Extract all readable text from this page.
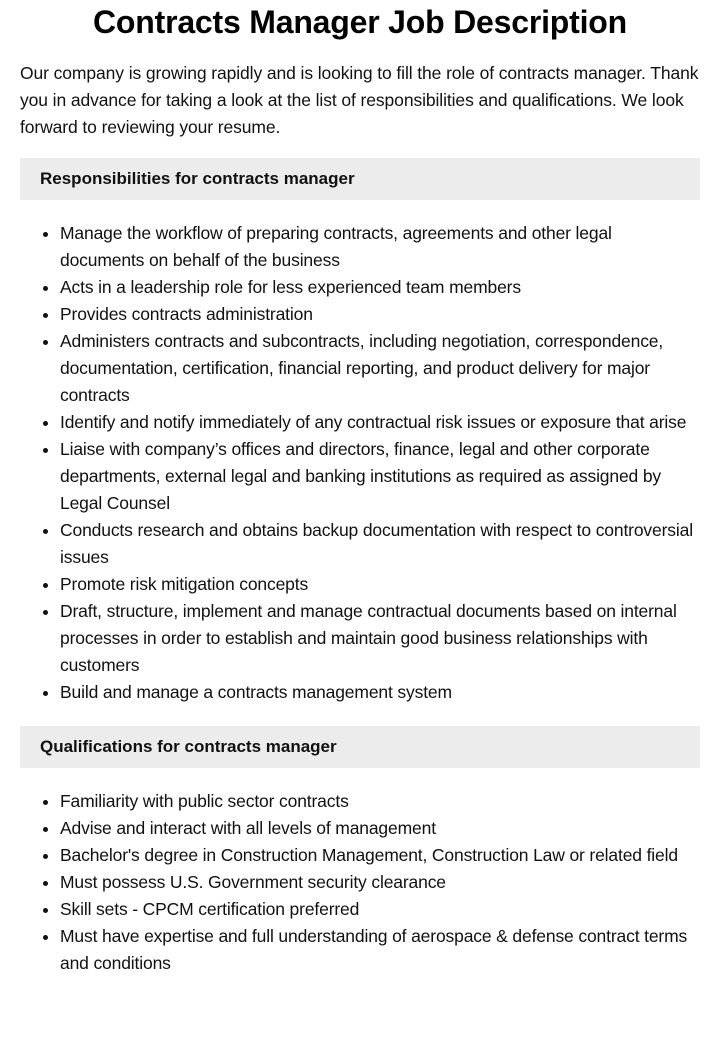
Contracts Manager Job Description

Our company is growing rapidly and is looking to fill the role of contracts manager. Thank you in advance for taking a look at the list of responsibilities and qualifications. We look forward to reviewing your resume.

Responsibilities for contracts manager
Manage the workflow of preparing contracts, agreements and other legal documents on behalf of the business
Acts in a leadership role for less experienced team members
Provides contracts administration
Administers contracts and subcontracts, including negotiation, correspondence, documentation, certification, financial reporting, and product delivery for major contracts
Identify and notify immediately of any contractual risk issues or exposure that arise
Liaise with company’s offices and directors, finance, legal and other corporate departments, external legal and banking institutions as required as assigned by Legal Counsel
Conducts research and obtains backup documentation with respect to controversial issues
Promote risk mitigation concepts
Draft, structure, implement and manage contractual documents based on internal processes in order to establish and maintain good business relationships with customers
Build and manage a contracts management system
Qualifications for contracts manager
Familiarity with public sector contracts
Advise and interact with all levels of management
Bachelor's degree in Construction Management, Construction Law or related field
Must possess U.S. Government security clearance
Skill sets - CPCM certification preferred
Must have expertise and full understanding of aerospace & defense contract terms and conditions
